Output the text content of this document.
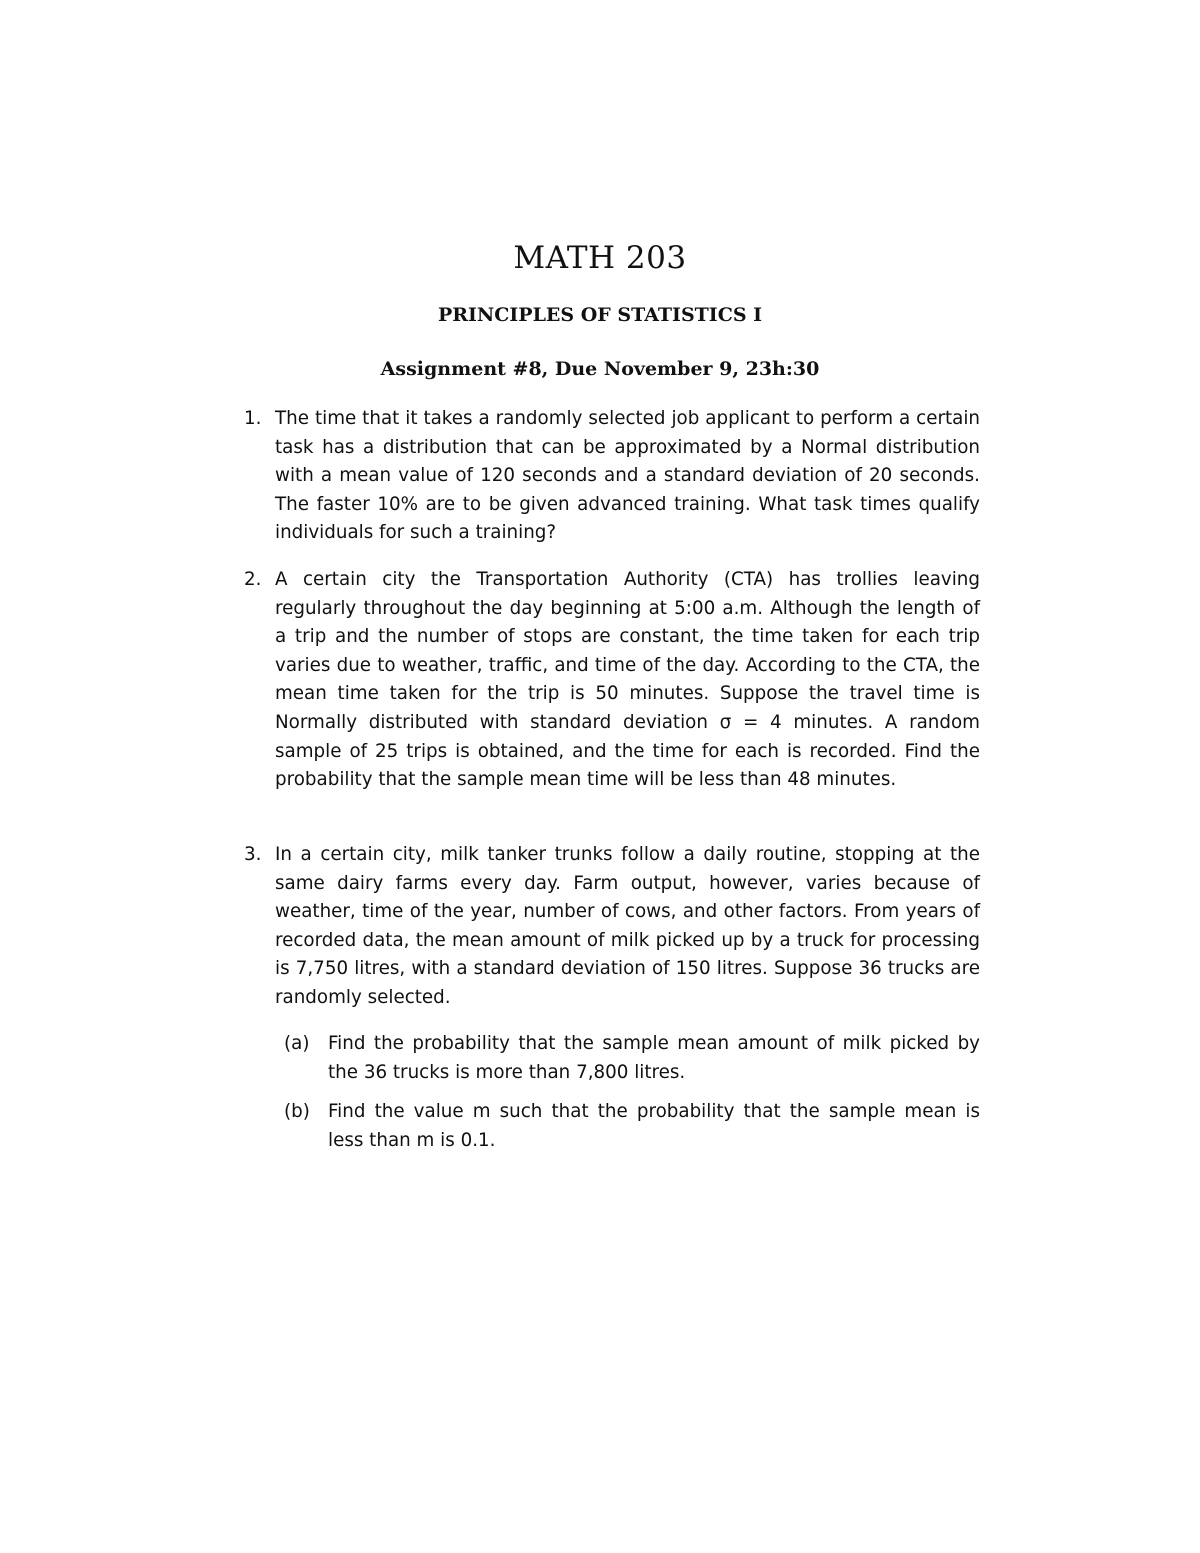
MATH 203
PRINCIPLES OF STATISTICS I
Assignment #8, Due November 9, 23h:30
1. The time that it takes a randomly selected job applicant to perform a certain task has a distribution that can be approximated by a Normal distribution with a mean value of 120 seconds and a standard deviation of 20 seconds. The faster 10% are to be given advanced training. What task times qualify individuals for such a training?
2. A certain city the Transportation Authority (CTA) has trollies leaving regularly throughout the day beginning at 5:00 a.m. Although the length of a trip and the number of stops are constant, the time taken for each trip varies due to weather, traffic, and time of the day. According to the CTA, the mean time taken for the trip is 50 minutes. Suppose the travel time is Normally distributed with standard deviation σ = 4 minutes. A random sample of 25 trips is obtained, and the time for each is recorded. Find the probability that the sample mean time will be less than 48 minutes.
3. In a certain city, milk tanker trunks follow a daily routine, stopping at the same dairy farms every day. Farm output, however, varies because of weather, time of the year, number of cows, and other factors. From years of recorded data, the mean amount of milk picked up by a truck for processing is 7,750 litres, with a standard deviation of 150 litres. Suppose 36 trucks are randomly selected.
(a) Find the probability that the sample mean amount of milk picked by the 36 trucks is more than 7,800 litres.
(b) Find the value m such that the probability that the sample mean is less than m is 0.1.
